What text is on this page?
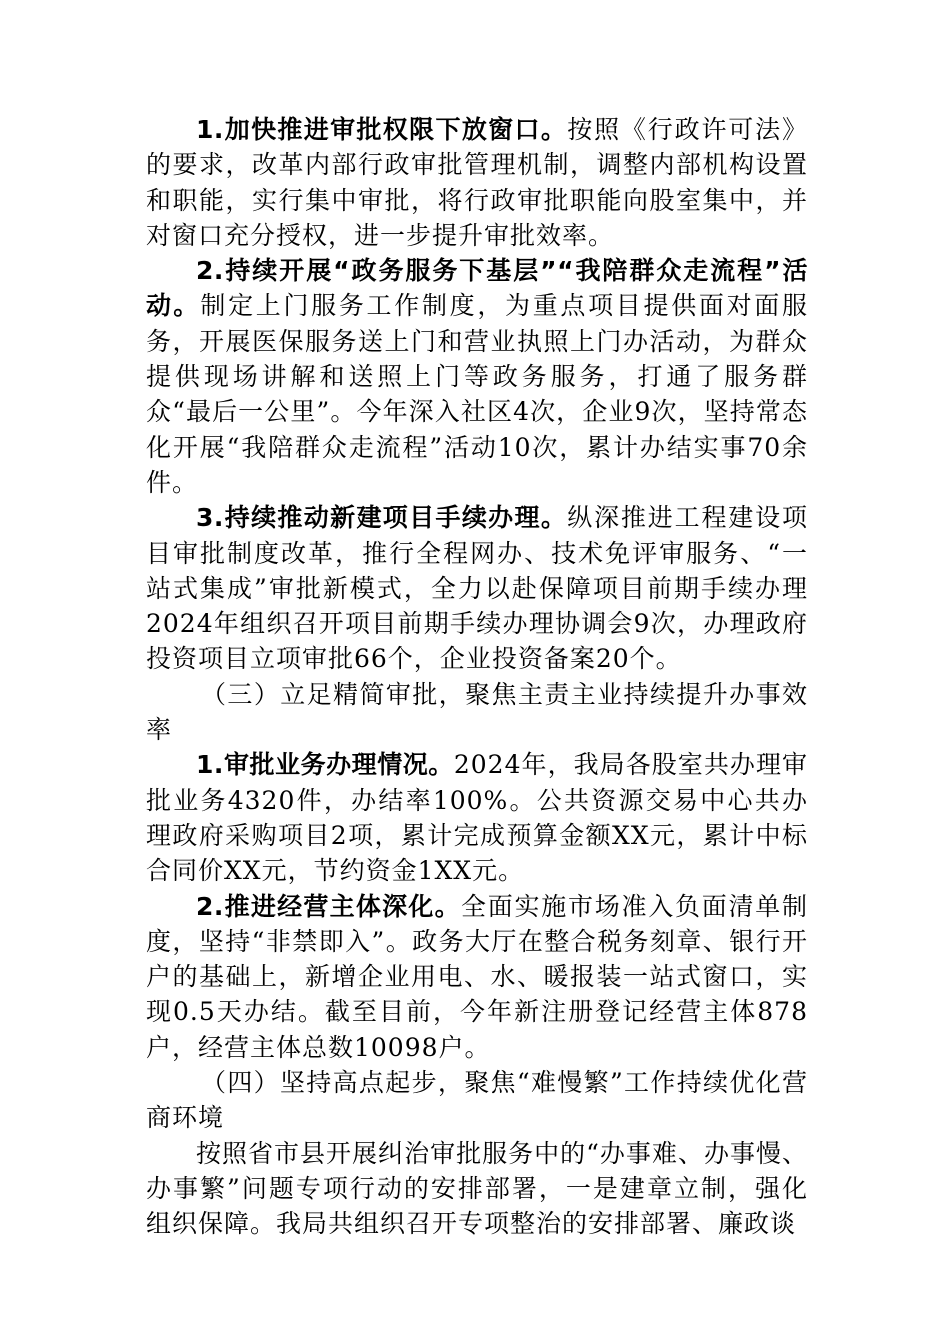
1.加快推进审批权限下放窗口。按照《行政许可法》的要求，改革内部行政审批管理机制，调整内部机构设置和职能，实行集中审批，将行政审批职能向股室集中，并对窗口充分授权，进一步提升审批效率。

2.持续开展“政务服务下基层”“我陪群众走流程”活动。制定上门服务工作制度，为重点项目提供面对面服务，开展医保服务送上门和营业执照上门办活动，为群众提供现场讲解和送照上门等政务服务，打通了服务群众“最后一公里”。今年深入社区4次，企业9次，坚持常态化开展“我陪群众走流程”活动10次，累计办结实事70余件。

3.持续推动新建项目手续办理。纵深推进工程建设项目审批制度改革，推行全程网办、技术免评审服务、“一站式集成”审批新模式，全力以赴保障项目前期手续办理2024年组织召开项目前期手续办理协调会9次，办理政府投资项目立项审批66个，企业投资备案20个。

（三）立足精简审批，聚焦主责主业持续提升办事效率

1.审批业务办理情况。2024年，我局各股室共办理审批业务4320件，办结率100%。公共资源交易中心共办理政府采购项目2项，累计完成预算金额XX元，累计中标合同价XX元，节约资金1XX元。

2.推进经营主体深化。全面实施市场准入负面清单制度，坚持“非禁即入”。政务大厅在整合税务刻章、银行开户的基础上，新增企业用电、水、暖报装一站式窗口，实现0.5天办结。截至目前，今年新注册登记经营主体878户，经营主体总数10098户。

（四）坚持高点起步，聚焦“难慢繁”工作持续优化营商环境

按照省市县开展纠治审批服务中的“办事难、办事慢、办事繁”问题专项行动的安排部署，一是建章立制，强化组织保障。我局共组织召开专项整治的安排部署、廉政谈
